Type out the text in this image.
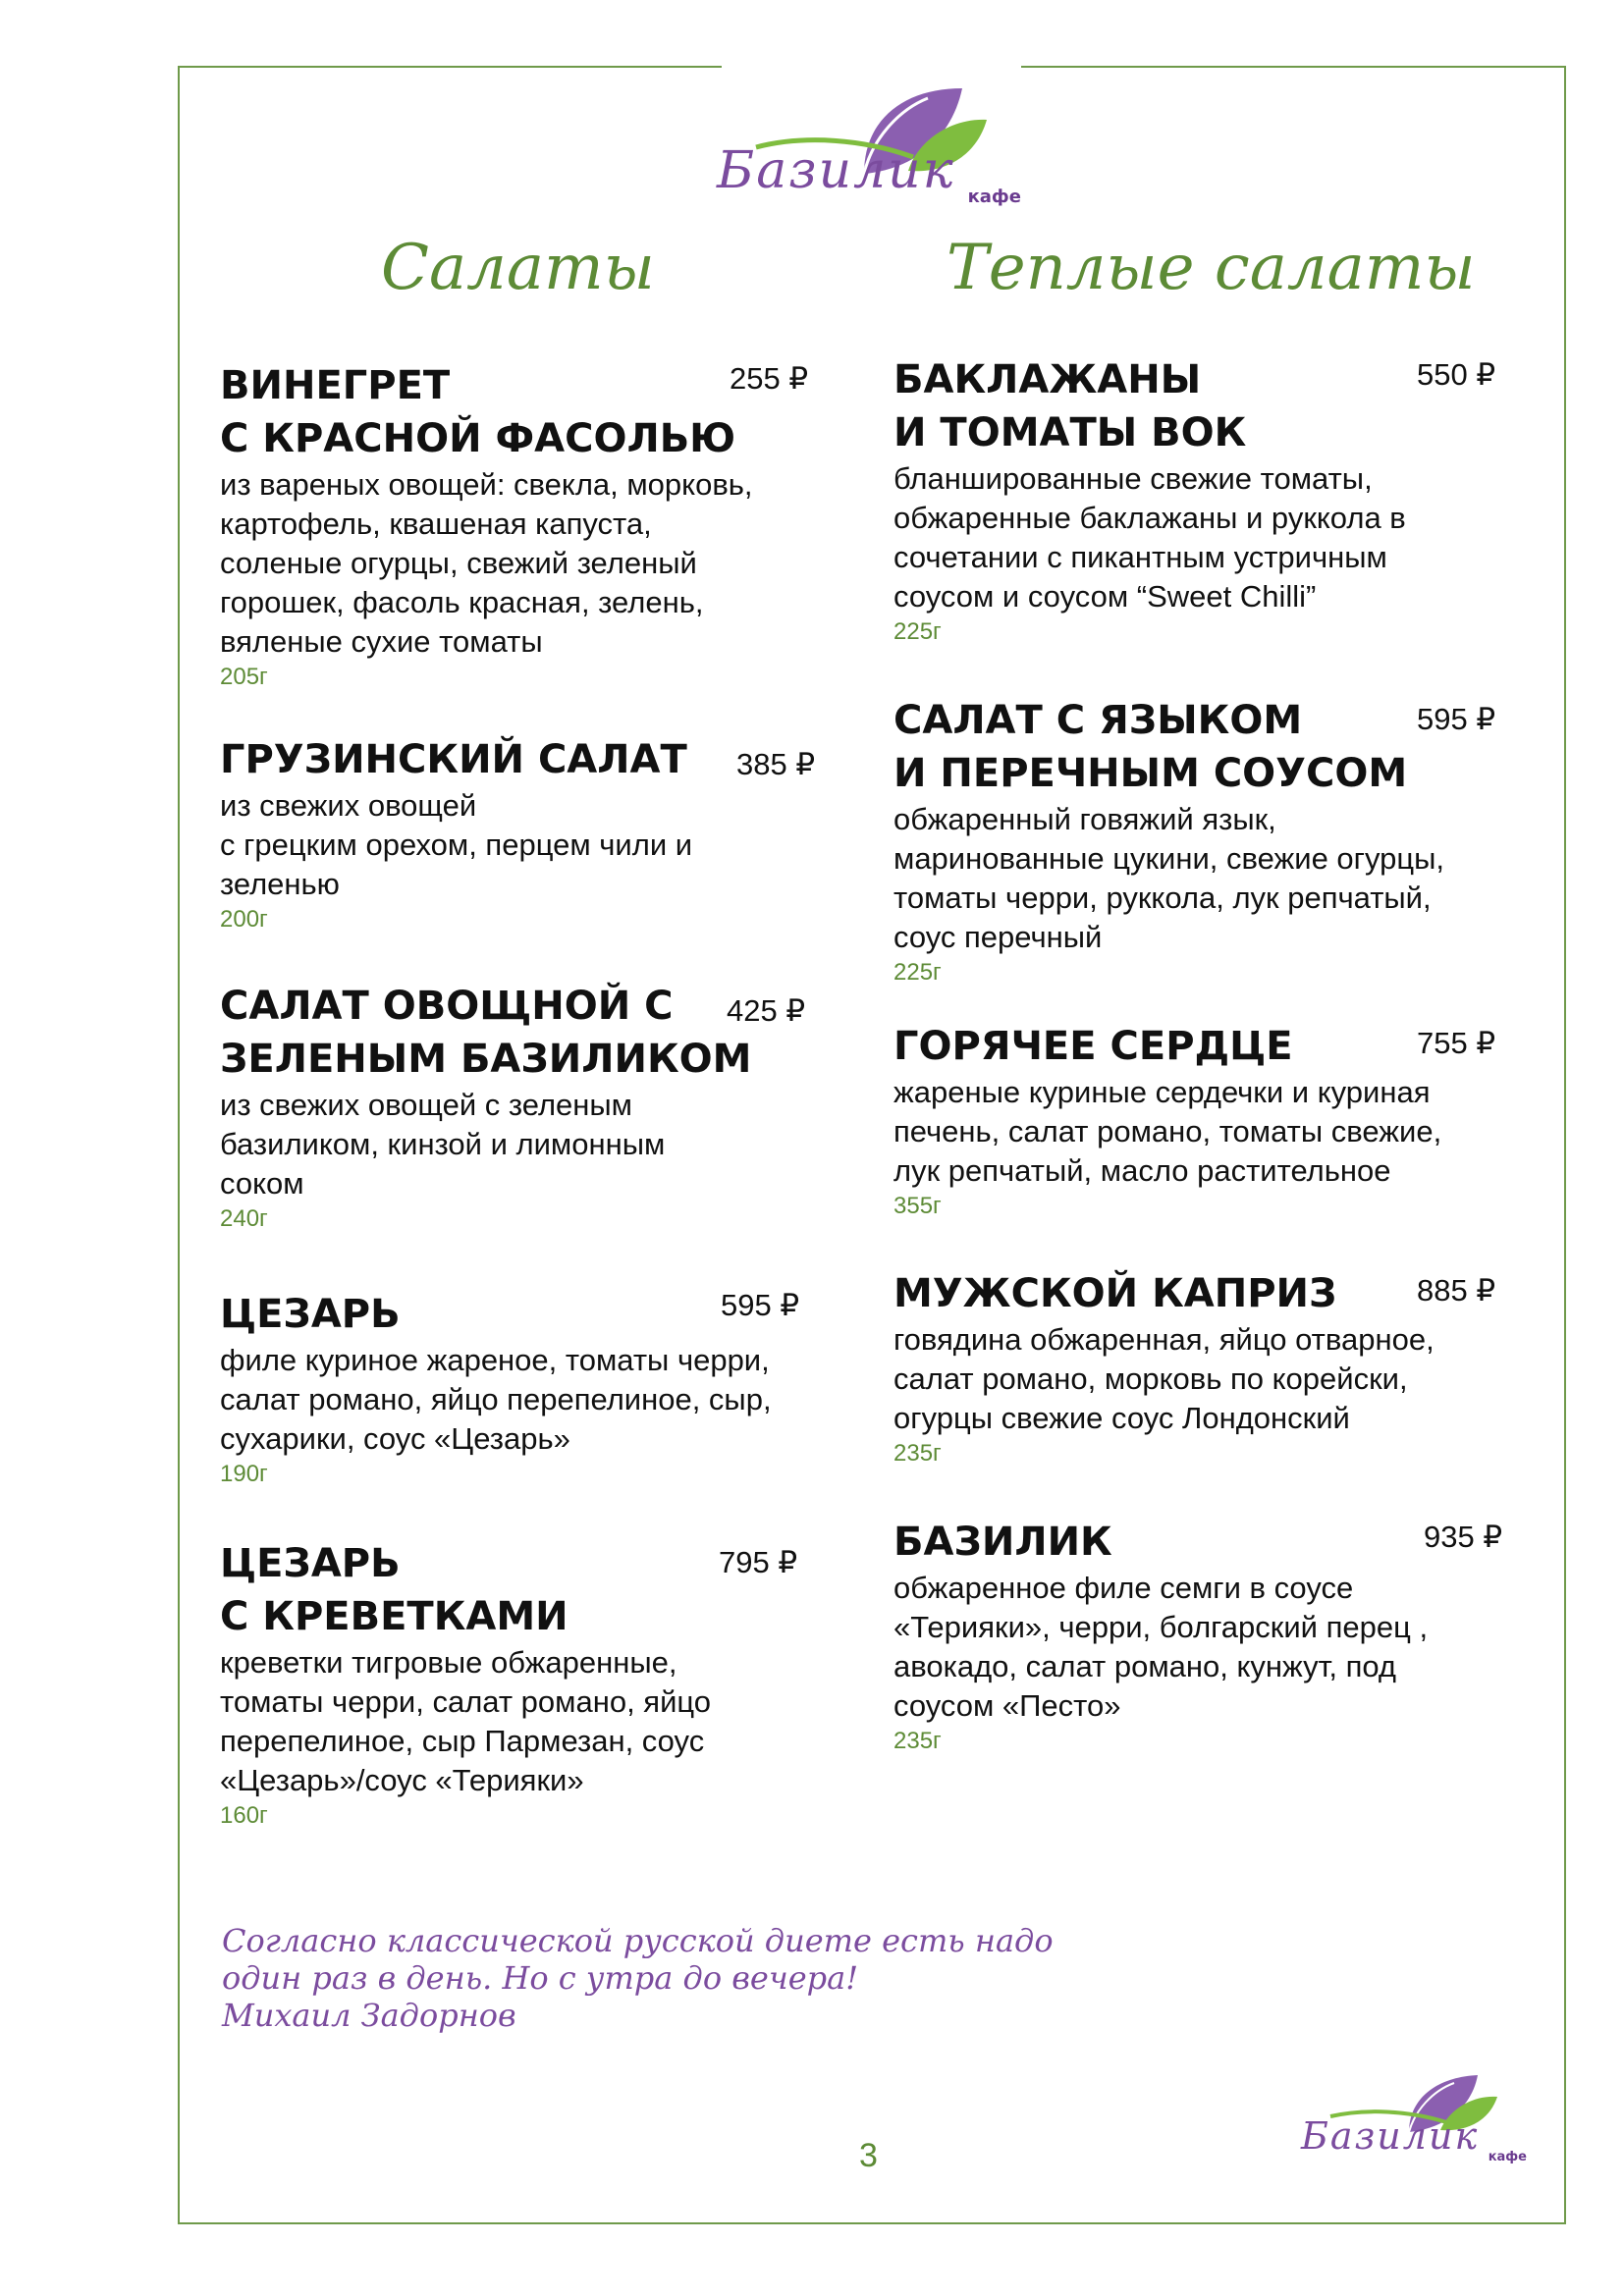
Базилик кафе
Салаты	Теплые салаты
ВИНЕГРЕТ
С КРАСНОЙ ФАСОЛЬЮ
255 ₽
из вареных овощей: свекла, морковь,
картофель, квашеная капуста,
соленые огурцы, свежий зеленый
горошек, фасоль красная, зелень,
вяленые сухие томаты
205г
ГРУЗИНСКИЙ САЛАТ	385 ₽
из свежих овощей
с грецким орехом, перцем чили и
зеленью
200г
САЛАТ ОВОЩНОЙ С
ЗЕЛЕНЫМ БАЗИЛИКОМ
425 ₽
из свежих овощей с зеленым
базиликом, кинзой и лимонным
соком
240г
ЦЕЗАРЬ	595 ₽
филе куриное жареное, томаты черри,
салат романо, яйцо перепелиное, сыр,
сухарики, соус «Цезарь»
190г
ЦЕЗАРЬ
С КРЕВЕТКАМИ
795 ₽
креветки тигровые обжаренные,
томаты черри, салат романо, яйцо
перепелиное, сыр Пармезан, соус
«Цезарь»/соус «Терияки»
160г
БАКЛАЖАНЫ
И ТОМАТЫ ВОК
550 ₽
бланшированные свежие томаты,
обжаренные баклажаны и руккола в
сочетании с пикантным устричным
соусом и соусом “Sweet Chilli”
225г
САЛАТ С ЯЗЫКОМ
И ПЕРЕЧНЫМ СОУСОМ
595 ₽
обжаренный говяжий язык,
маринованные цукини, свежие огурцы,
томаты черри, руккола, лук репчатый,
соус перечный
225г
ГОРЯЧЕЕ СЕРДЦЕ	755 ₽
жареные куриные сердечки и куриная
печень, салат романо, томаты свежие,
лук репчатый, масло растительное
355г
МУЖСКОЙ КАПРИЗ	885 ₽
говядина обжаренная, яйцо отварное,
салат романо, морковь по корейски,
огурцы свежие соус Лондонский
235г
БАЗИЛИК	935 ₽
обжаренное филе семги в соусе
«Терияки», черри, болгарский перец ,
авокадо, салат романо, кунжут, под
соусом «Песто»
235г
Согласно классической русской диете есть надо
один раз в день. Но с утра до вечера!
Михаил Задорнов
3	Базилик кафе
